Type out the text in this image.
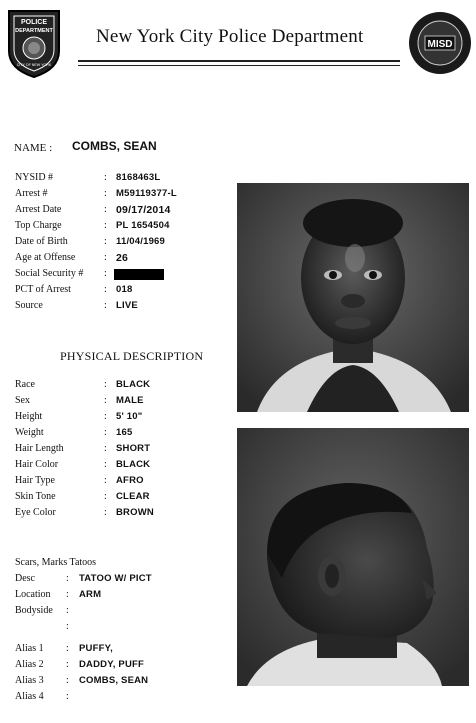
POLICE
DEPARTMENT
CITY OF NEW YORK
New York City Police Department	MISD
NAME : COMBS, SEAN
NYSID #	: 8168463L
Arrest #	: M59119377-L
Arrest Date	: 09/17/2014
Top Charge	: PL 1654504
Date of Birth	: 11/04/1969
Age at Offense	: 26
Social Security # :
PCT of Arrest	: 018
Source	: LIVE
PHYSICAL DESCRIPTION
Race	: BLACK
Sex	: MALE
Height	: 5' 10"
Weight	: 165
Hair Length	: SHORT
Hair Color	: BLACK
Hair Type	: AFRO
Skin Tone	: CLEAR
Eye Color	: BROWN
Scars, Marks Tatoos
Desc	: TATOO W/ PICT
Location : ARM
Bodyside :
:
Alias 1 : PUFFY,
Alias 2 : DADDY, PUFF
Alias 3 : COMBS, SEAN
Alias 4 :
